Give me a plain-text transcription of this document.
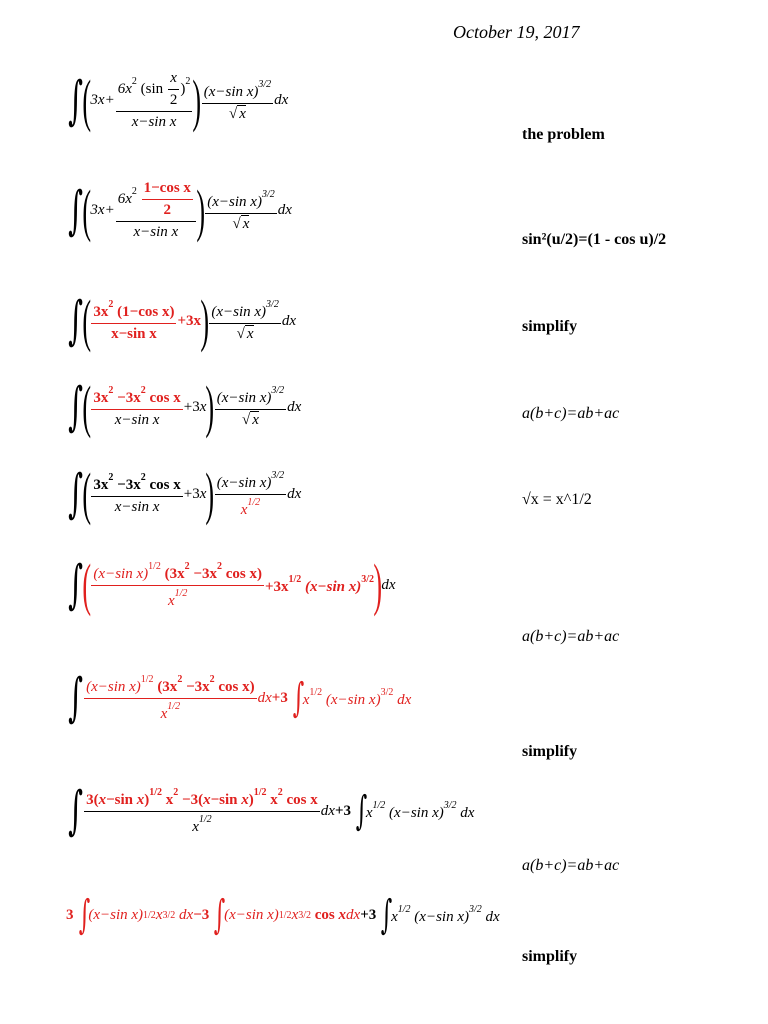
October 19, 2017
∫ ( $3x+ \frac{6x^2 (\sin \frac{x}{2} )^2}{\text{x−sin x}}$ ) $\frac{(x-\sin x)^{3/2}}{√ x}$ dx
the problem
∫ ( $3x+ \frac{6x^2 \frac{\text{1−cos x}}{2}}{\text{x−sin x}}$ ) $\frac{(x-\sin x)^{3/2}}{√ x}$ dx
sin²(u/2)=(1 - cos u)/2
∫ ( $\frac{3x^2 (1-\cos x)}{\text{x−sin x}} +3x$ ) $\frac{(x-\sin x)^{3/2}}{√ x}$ dx	simplify
∫ ( $\frac{3x^2 -3x^2 \cos x}{\text{x−sin x}} +3x$ ) $\frac{(x-\sin x)^{3/2}}{√ x}$ dx	a(b+c)=ab+ac
∫ ( $\frac{3x^2 -3x^2 \cos x}{\text{x−sin x}} +3x$ ) $\frac{(x-\sin x)^{3/2}}{x^{1/2}}$ dx	√x = x^1/2
∫ ( $\frac{(x-\sin x)^{1/2} (3x^2 -3x^2 \cos x)}{x^{1/2}} +3x^{1/2}$ (x−sin x)$^{3/2}$ ) dx
a(b+c)=ab+ac
∫ $\frac{(x-\sin x)^{1/2} (3x^2 -3x^2 \cos x)}{x^{1/2}} dx+3$ ∫
$x^{1/2}$ (x−sin x)$^{3/2}$ dx
simplify
∫ $\frac{3(x-\sin x)^{1/2} x^2 -3(x-\sin x)^{1/2} x^2 \cos x}{x^{1/2}}$ dx +3 ∫
$x^{1/2}$ (x−sin x)$^{3/2}$ dx
a(b+c)=ab+ac
3 ∫
(x−sin x) 1/2 x 3/2
dx −3 ∫
(x−sin x) 1/2 x 3/2
cos x dx +3 ∫
$x^{1/2}$ (x−sin x)$^{3/2}$ dx
simplify
